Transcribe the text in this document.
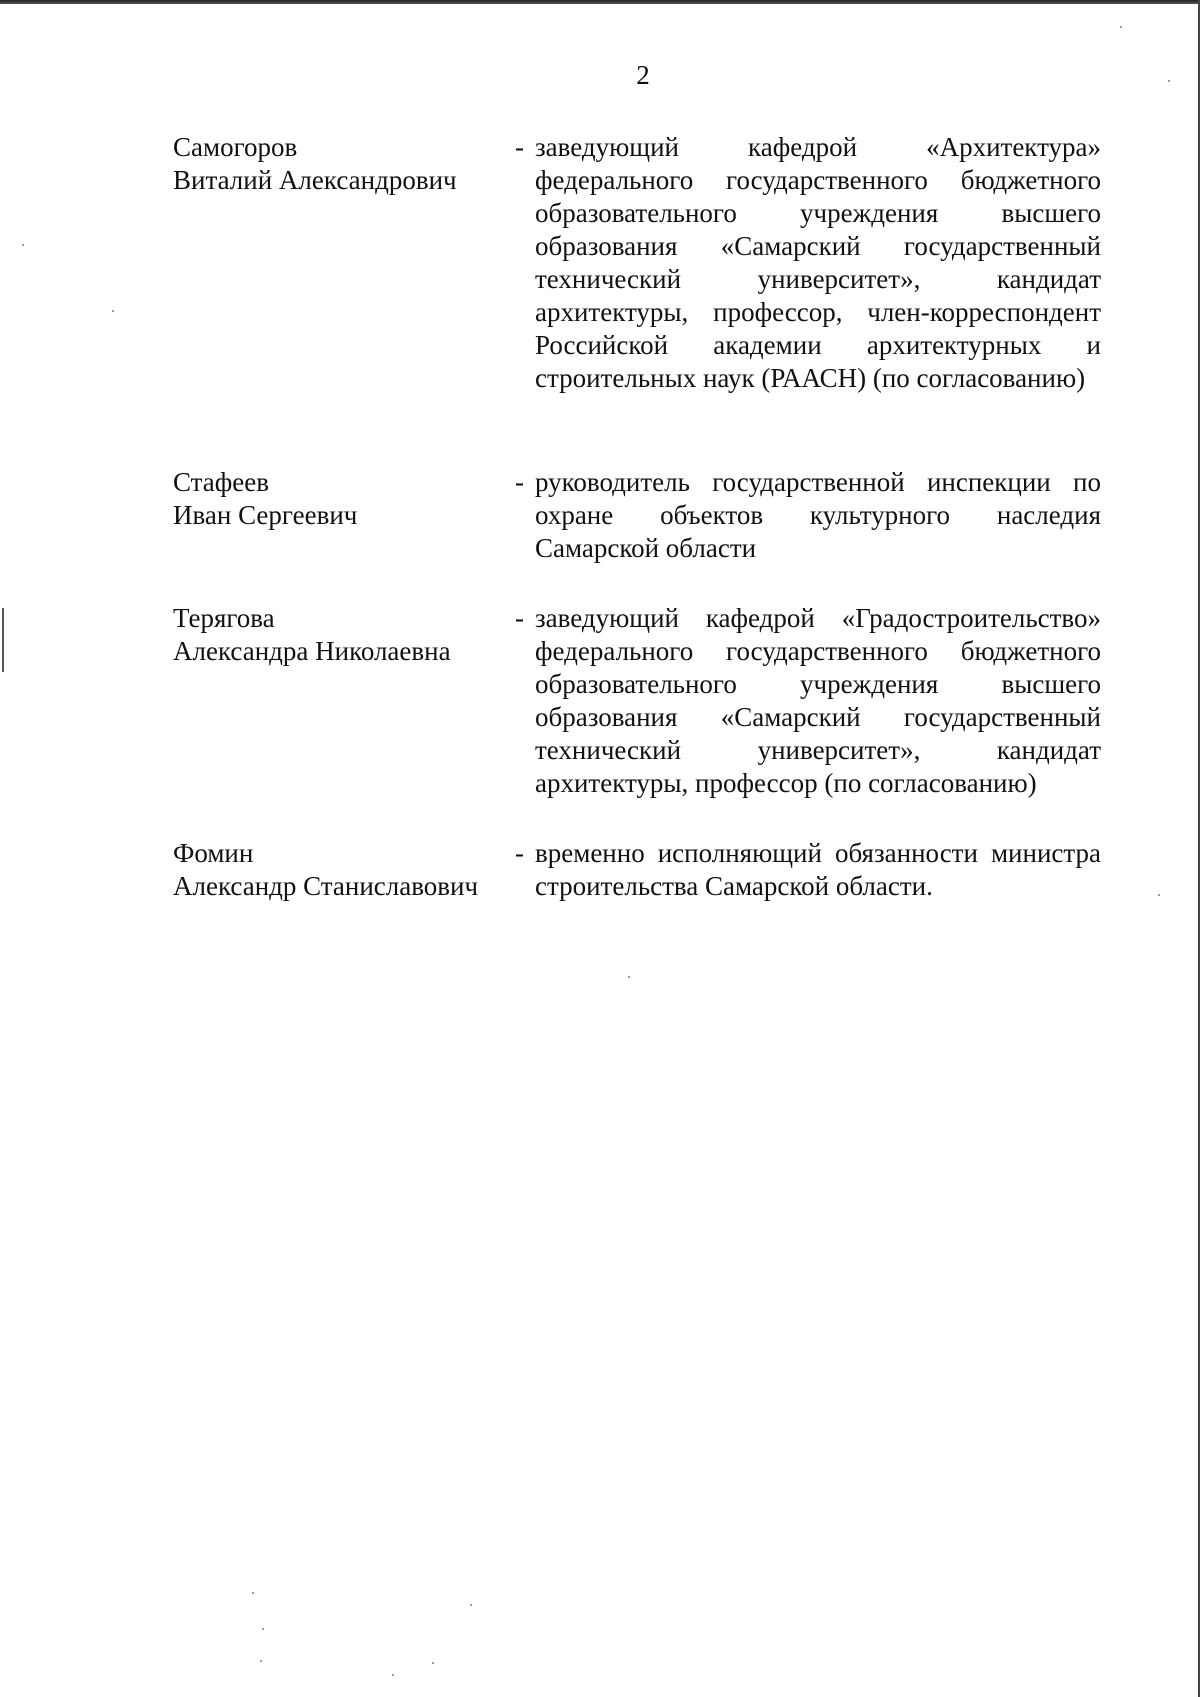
2
Самогоров
Виталий Александрович
- заведующий кафедрой «Архитектура» федерального государственного бюджетного образовательного учреждения высшего образования «Самарский государственный технический университет», кандидат архитектуры, профессор, член-корреспондент Российской академии архитектурных и строительных наук (РААСН) (по согласованию)
Стафеев
Иван Сергеевич
- руководитель государственной инспекции по охране объектов культурного наследия Самарской области
Терягова
Александра Николаевна
- заведующий кафедрой «Градостроительство» федерального государственного бюджетного образовательного учреждения высшего образования «Самарский государственный технический университет», кандидат архитектуры, профессор (по согласованию)
Фомин
Александр Станиславович
- временно исполняющий обязанности министра строительства Самарской области.
